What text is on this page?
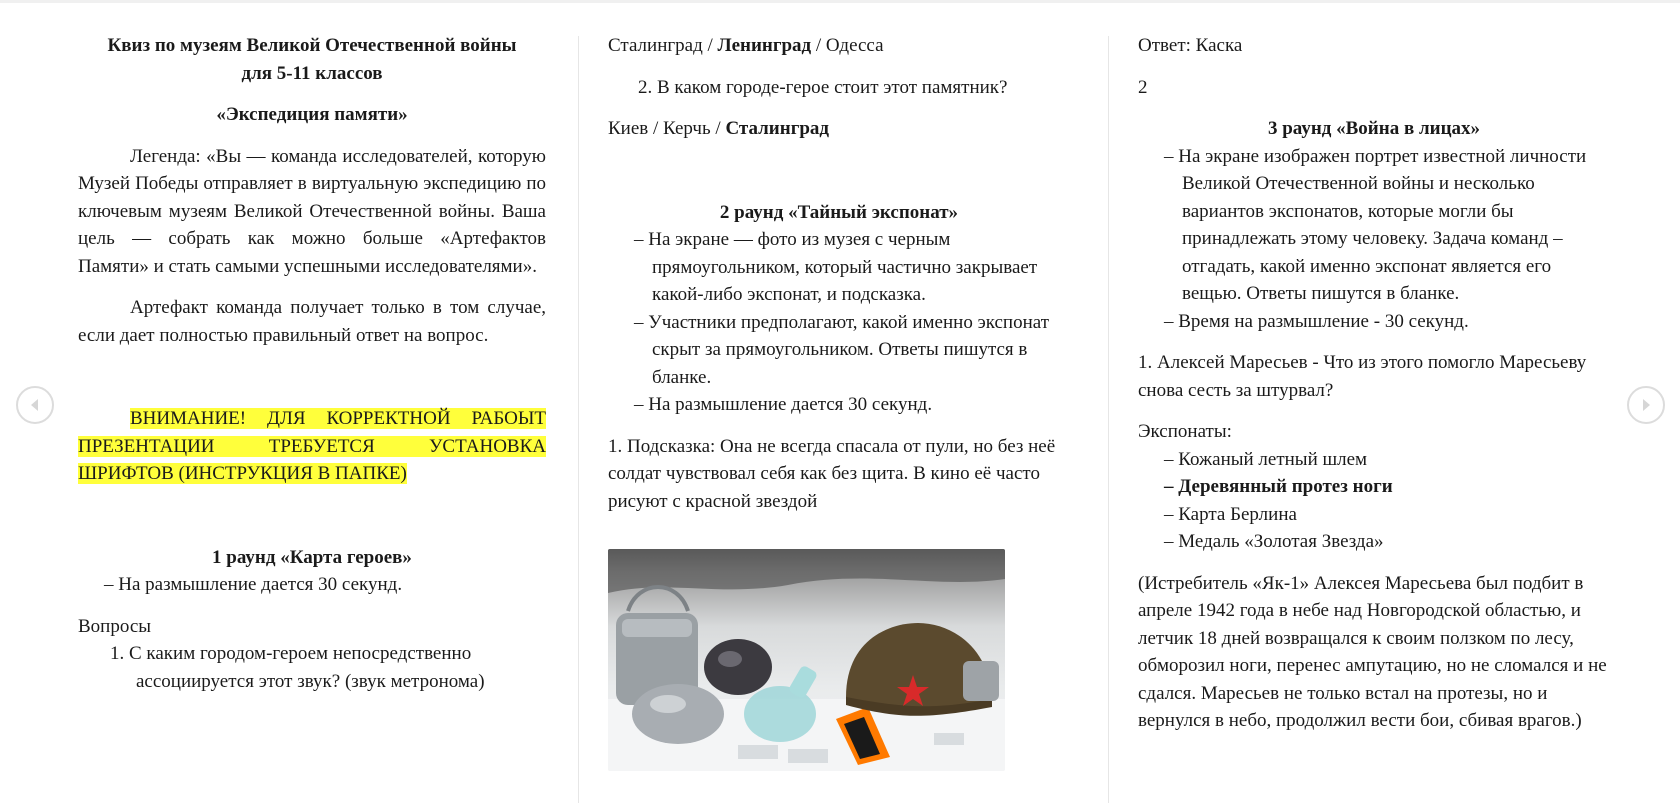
Квиз по музеям Великой Отечественной войны
для 5-11 классов

«Экспедиция памяти»

Легенда: «Вы — команда исследователей, которую Музей Победы отправляет в виртуальную экспедицию по ключевым музеям Великой Отечественной войны. Ваша цель — собрать как можно больше «Артефактов Памяти» и стать самыми успешными исследователями».

Артефакт команда получает только в том случае, если дает полностью правильный ответ на вопрос.

ВНИМАНИЕ! ДЛЯ КОРРЕКТНОЙ РАБОЫТ ПРЕЗЕНТАЦИИ ТРЕБУЕТСЯ УСТАНОВКА ШРИФТОВ (ИНСТРУКЦИЯ В ПАПКЕ)

1 раунд «Карта героев»

– На размышление дается 30 секунд.

Вопросы

1. С каким городом-героем непосредственно ассоциируется этот звук? (звук метронома)

Сталинград / Ленинград / Одесса

2. В каком городе-герое стоит этот памятник?

Киев / Керчь / Сталинград

2 раунд «Тайный экспонат»

– На экране — фото из музея с черным прямоугольником, который частично закрывает какой-либо экспонат, и подсказка.
– Участники предполагают, какой именно экспонат скрыт за прямоугольником. Ответы пишутся в бланке.
– На размышление дается 30 секунд.

1. Подсказка: Она не всегда спасала от пули, но без неё солдат чувствовал себя как без щита. В кино её часто рисуют с красной звездой

Ответ: Каска

2

3 раунд «Война в лицах»

– На экране изображен портрет известной личности Великой Отечественной войны и несколько вариантов экспонатов, которые могли бы принадлежать этому человеку. Задача команд – отгадать, какой именно экспонат является его вещью. Ответы пишутся в бланке.
– Время на размышление - 30 секунд.

1. Алексей Маресьев - Что из этого помогло Маресьеву снова сесть за штурвал?

Экспонаты:

– Кожаный летный шлем
– Деревянный протез ноги
– Карта Берлина
– Медаль «Золотая Звезда»

(Истребитель «Як-1» Алексея Маресьева был подбит в апреле 1942 года в небе над Новгородской областью, и летчик 18 дней возвращался к своим ползком по лесу, обморозил ноги, перенес ампутацию, но не сломался и не сдался. Маресьев не только встал на протезы, но и вернулся в небо, продолжил вести бои, сбивая врагов.)
